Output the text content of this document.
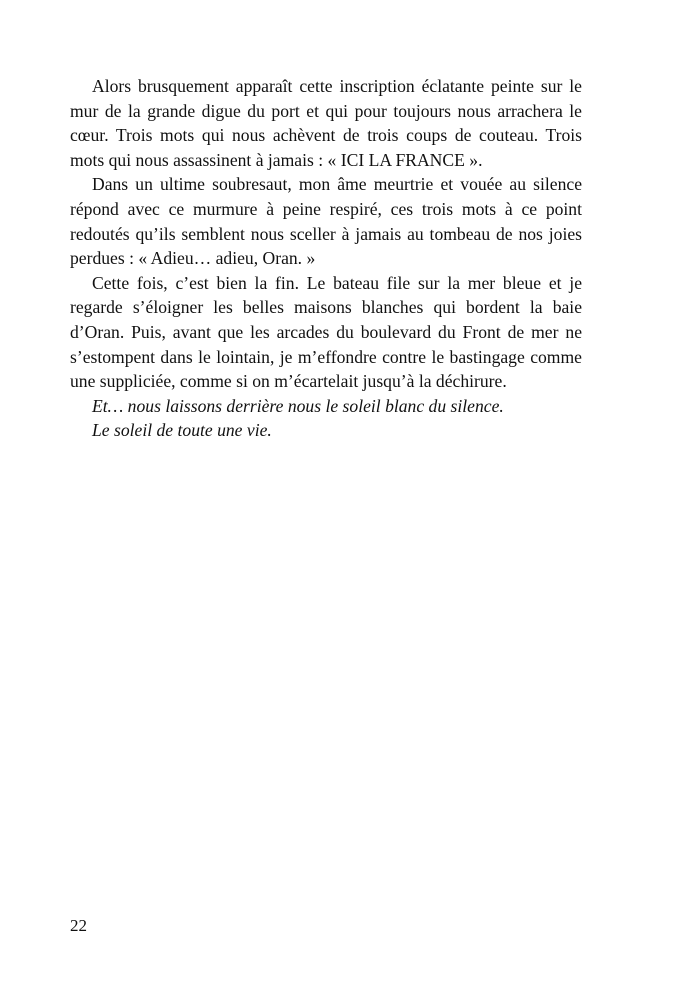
Alors brusquement apparaît cette inscription éclatante peinte sur le mur de la grande digue du port et qui pour toujours nous arrachera le cœur. Trois mots qui nous achèvent de trois coups de couteau. Trois mots qui nous assassinent à jamais : « ICI LA FRANCE ».

Dans un ultime soubresaut, mon âme meurtrie et vouée au silence répond avec ce murmure à peine respiré, ces trois mots à ce point redoutés qu’ils semblent nous sceller à jamais au tombeau de nos joies perdues : « Adieu… adieu, Oran. »

Cette fois, c’est bien la fin. Le bateau file sur la mer bleue et je regarde s’éloigner les belles maisons blanches qui bordent la baie d’Oran. Puis, avant que les arcades du boulevard du Front de mer ne s’estompent dans le lointain, je m’effondre contre le bastingage comme une suppliciée, comme si on m’écartelait jusqu’à la déchirure.

Et… nous laissons derrière nous le soleil blanc du silence.

Le soleil de toute une vie.

22
